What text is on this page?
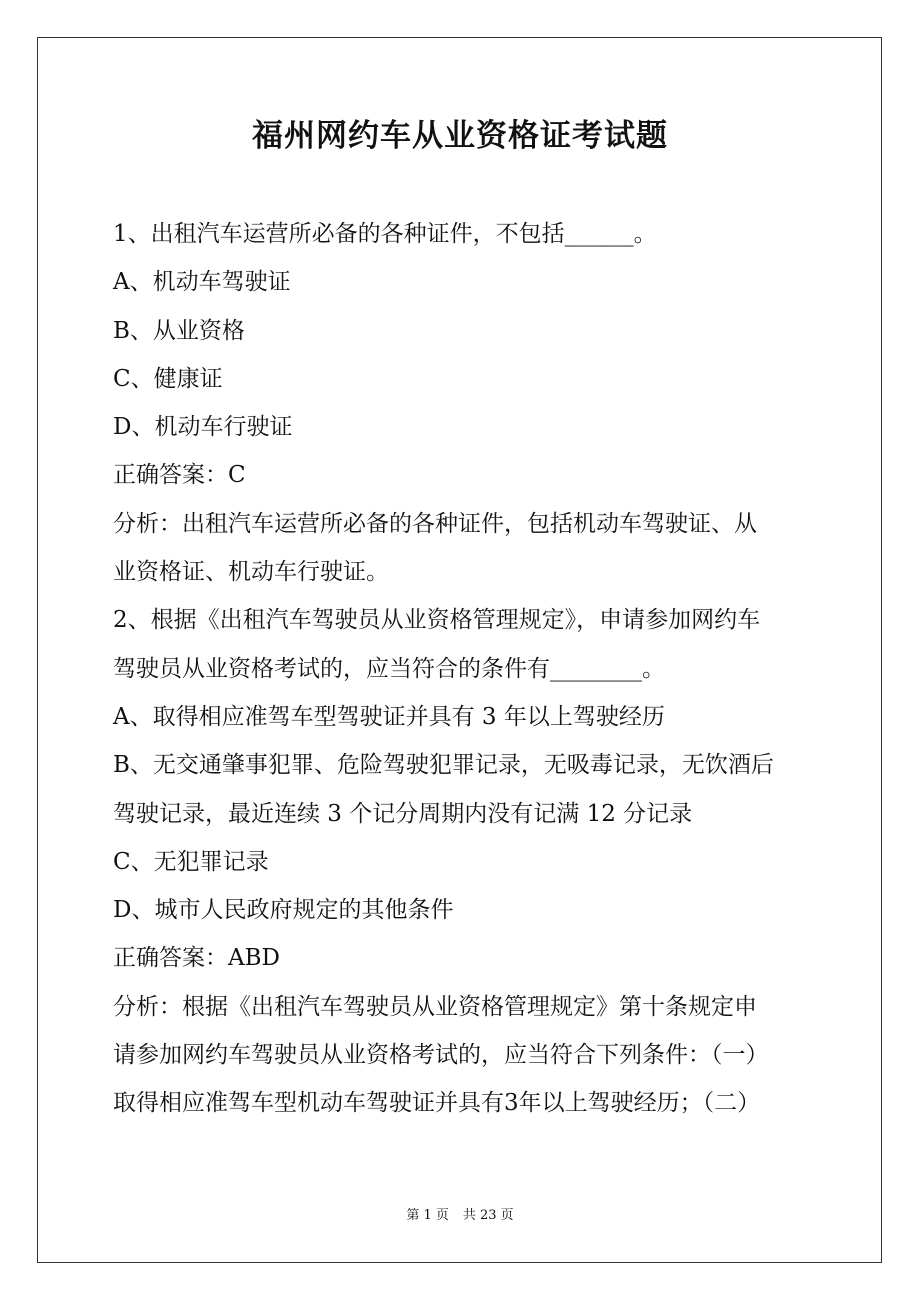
福州网约车从业资格证考试题
1、出租汽车运营所必备的各种证件，不包括______。
A、机动车驾驶证
B、从业资格
C、健康证
D、机动车行驶证
正确答案：C
分析：出租汽车运营所必备的各种证件，包括机动车驾驶证、从
业资格证、机动车行驶证。
2、根据《出租汽车驾驶员从业资格管理规定》，申请参加网约车
驾驶员从业资格考试的，应当符合的条件有________。
A、取得相应准驾车型驾驶证并具有 3 年以上驾驶经历
B、无交通肇事犯罪、危险驾驶犯罪记录，无吸毒记录，无饮酒后
驾驶记录，最近连续 3 个记分周期内没有记满 12 分记录
C、无犯罪记录
D、城市人民政府规定的其他条件
正确答案：ABD
分析：根据《出租汽车驾驶员从业资格管理规定》第十条规定申
请参加网约车驾驶员从业资格考试的，应当符合下列条件：（一）
取得相应准驾车型机动车驾驶证并具有3年以上驾驶经历；（二）
第 1 页 共 23 页
